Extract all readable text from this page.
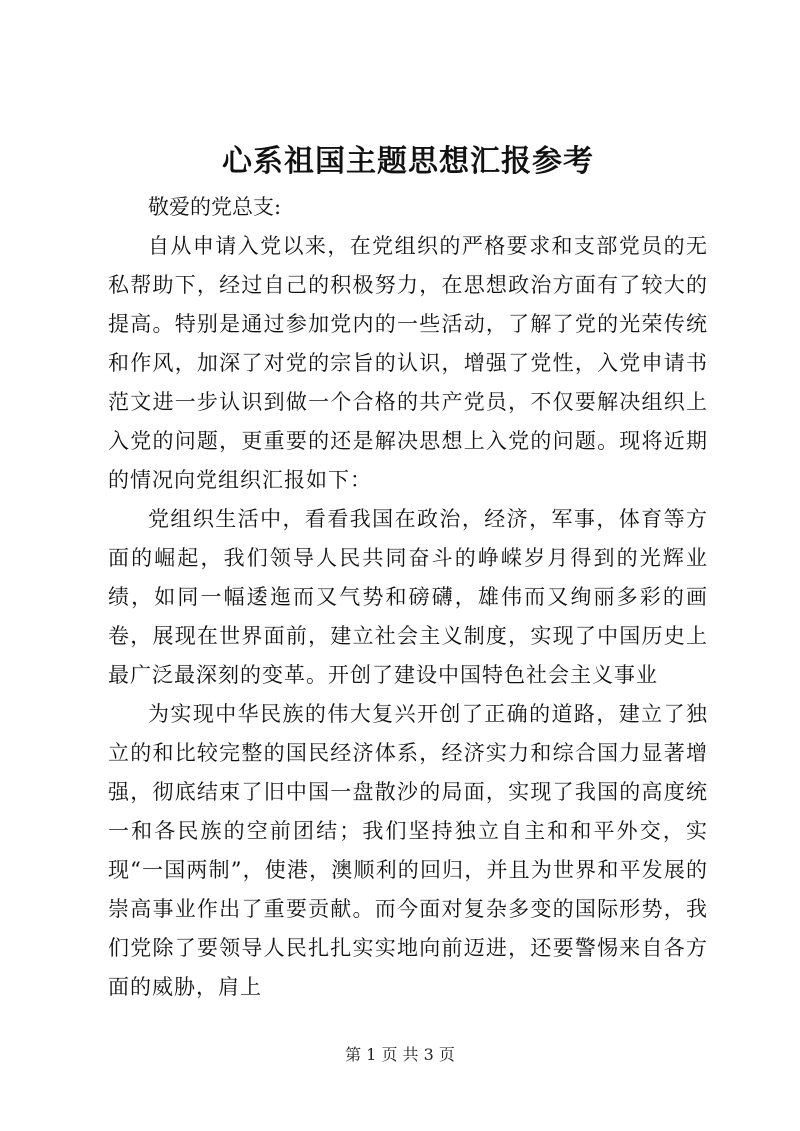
心系祖国主题思想汇报参考

敬爱的党总支:

自从申请入党以来，在党组织的严格要求和支部党员的无私帮助下，经过自己的积极努力，在思想政治方面有了较大的提高。特别是通过参加党内的一些活动，了解了党的光荣传统和作风，加深了对党的宗旨的认识，增强了党性，入党申请书范文进一步认识到做一个合格的共产党员，不仅要解决组织上入党的问题，更重要的还是解决思想上入党的问题。现将近期的情况向党组织汇报如下：

党组织生活中，看看我国在政治，经济，军事，体育等方面的崛起，我们领导人民共同奋斗的峥嵘岁月得到的光辉业绩，如同一幅逶迤而又气势和磅礴，雄伟而又绚丽多彩的画卷，展现在世界面前，建立社会主义制度，实现了中国历史上最广泛最深刻的变革。开创了建设中国特色社会主义事业

为实现中华民族的伟大复兴开创了正确的道路，建立了独立的和比较完整的国民经济体系，经济实力和综合国力显著增强，彻底结束了旧中国一盘散沙的局面，实现了我国的高度统一和各民族的空前团结；我们坚持独立自主和和平外交，实现“一国两制”，使港，澳顺利的回归，并且为世界和平发展的崇高事业作出了重要贡献。而今面对复杂多变的国际形势，我们党除了要领导人民扎扎实实地向前迈进，还要警惕来自各方面的威胁，肩上

第 1 页 共 3 页
